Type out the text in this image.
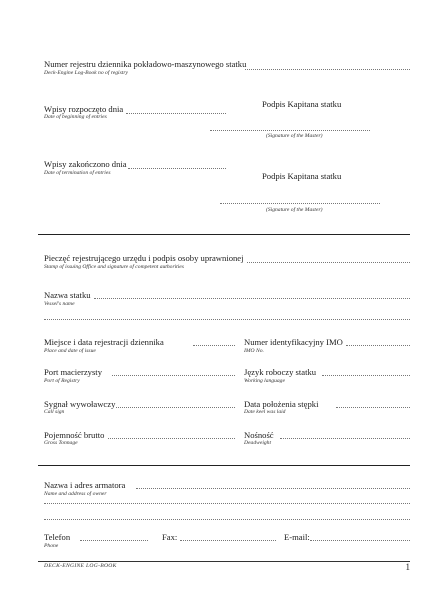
Numer rejestru dziennika pokładowo-maszynowego statku
Deck-Engine Log-Book no of registry
Wpisy rozpoczęto dnia
Date of beginning of entries
Podpis Kapitana statku
(Signature of the Master)
Wpisy zakończono dnia
Date of termination of entries	Podpis Kapitana statku
(Signature of the Master)
Pieczęć rejestrującego urzędu i podpis osoby uprawnionej
Stamp of issuing Office and signature of competent authorities
Nazwa statku
Vessel's name
Miejsce i data rejestracji dziennika
Place and date of issue
Numer identyfikacyjny IMO
IMO No.
Port macierzysty
Port of Registry
Język roboczy statku
Working language
Sygnał wywoławczy
Call sign
Data położenia stępki
Date keel was laid
Pojemność brutto
Gross Tonnage
Nośność
Deadweight
Nazwa i adres armatora
Name and address of owner
Telefon
Phone
Fax:	E-mail:
DECK-ENGINE LOG-BOOK	1
